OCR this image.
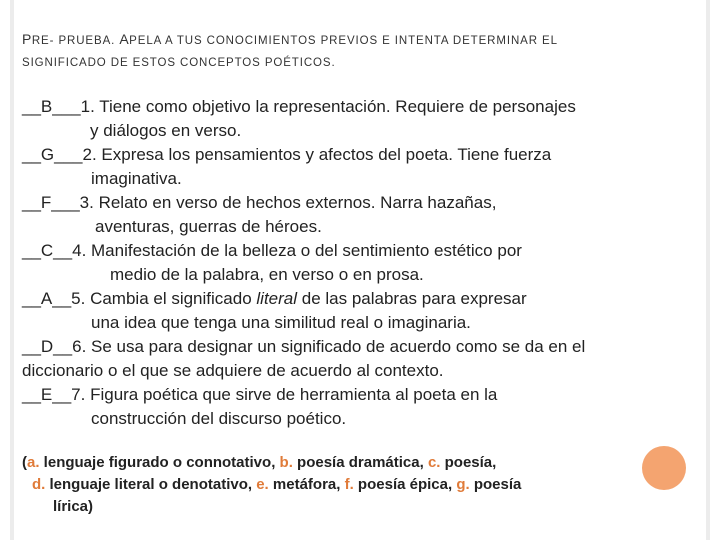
PRE- PRUEBA. APELA A TUS CONOCIMIENTOS PREVIOS E INTENTA DETERMINAR EL
SIGNIFICADO DE ESTOS CONCEPTOS POÉTICOS.
__B___1. Tiene como objetivo la representación. Requiere de personajes
y diálogos en verso.
__G___2. Expresa los pensamientos y afectos del poeta. Tiene fuerza
imaginativa.
__F___3. Relato en verso de hechos externos. Narra hazañas,
aventuras, guerras de héroes.
__C__4. Manifestación de la belleza o del sentimiento estético por
medio de la palabra, en verso o en prosa.
__A__5. Cambia el significado literal de las palabras para expresar
una idea que tenga una similitud real o imaginaria.
__D__6. Se usa para designar un significado de acuerdo como se da en el
diccionario o el que se adquiere de acuerdo al contexto.
__E__7. Figura poética que sirve de herramienta al poeta en la
construcción del discurso poético.
(a. lenguaje figurado o connotativo, b. poesía dramática, c. poesía,
d. lenguaje literal o denotativo, e. metáfora, f. poesía épica, g. poesía
lírica)
